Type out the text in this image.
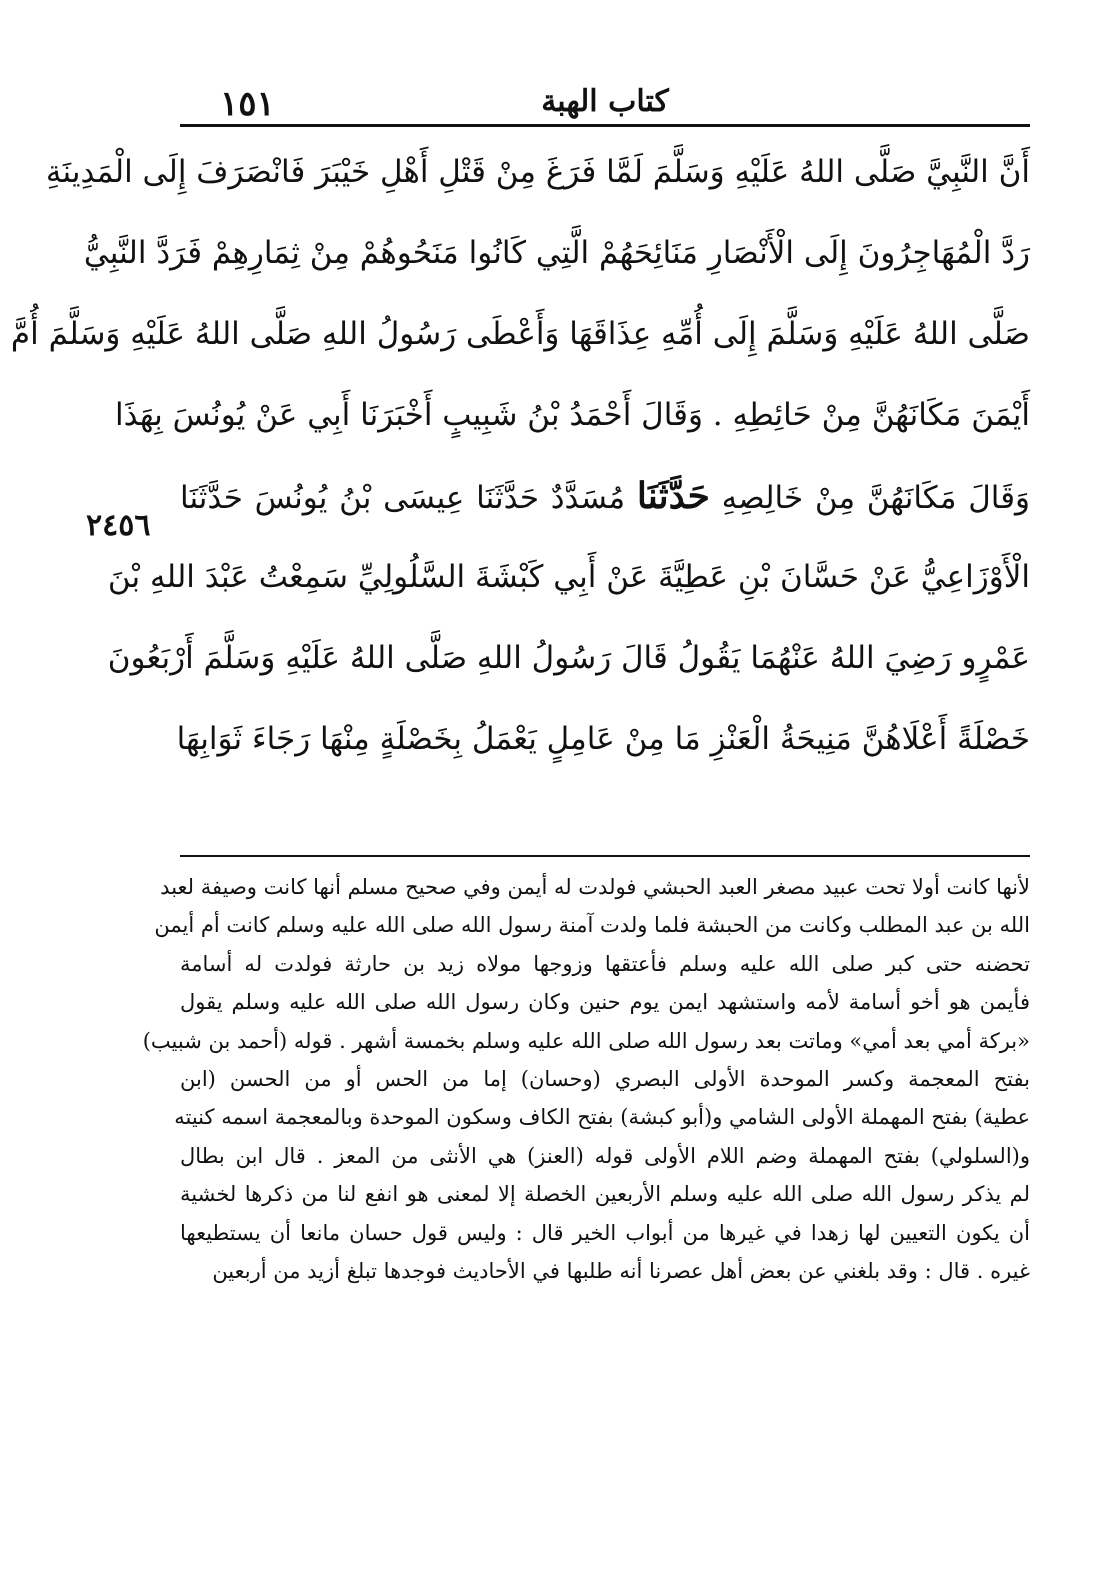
١٥١	كتاب الهبة
أَنَّ النَّبِيَّ صَلَّى اللهُ عَلَيْهِ وَسَلَّمَ لَمَّا فَرَغَ مِنْ قَتْلِ أَهْلِ خَيْبَرَ فَانْصَرَفَ إِلَى الْمَدِينَةِ
رَدَّ الْمُهَاجِرُونَ إِلَى الْأَنْصَارِ مَنَائِحَهُمْ الَّتِي كَانُوا مَنَحُوهُمْ مِنْ ثِمَارِهِمْ فَرَدَّ النَّبِيُّ
صَلَّى اللهُ عَلَيْهِ وَسَلَّمَ إِلَى أُمِّهِ عِذَاقَهَا وَأَعْطَى رَسُولُ اللهِ صَلَّى اللهُ عَلَيْهِ وَسَلَّمَ أُمَّ
أَيْمَنَ مَكَانَهُنَّ مِنْ حَائِطِهِ . وَقَالَ أَحْمَدُ بْنُ شَبِيبٍ أَخْبَرَنَا أَبِي عَنْ يُونُسَ بِهَذَا
وَقَالَ مَكَانَهُنَّ مِنْ خَالِصِهِ حَدَّثَنَا مُسَدَّدٌ حَدَّثَنَا عِيسَى بْنُ يُونُسَ حَدَّثَنَا
الْأَوْزَاعِيُّ عَنْ حَسَّانَ بْنِ عَطِيَّةَ عَنْ أَبِي كَبْشَةَ السَّلُولِيِّ سَمِعْتُ عَبْدَ اللهِ بْنَ
عَمْرٍو رَضِيَ اللهُ عَنْهُمَا يَقُولُ قَالَ رَسُولُ اللهِ صَلَّى اللهُ عَلَيْهِ وَسَلَّمَ أَرْبَعُونَ
خَصْلَةً أَعْلَاهُنَّ مَنِيحَةُ الْعَنْزِ مَا مِنْ عَامِلٍ يَعْمَلُ بِخَصْلَةٍ مِنْهَا رَجَاءَ ثَوَابِهَا
٢٤٥٦
لأنها كانت أولا تحت عبيد مصغر العبد الحبشي فولدت له أيمن وفي صحيح مسلم أنها كانت وصيفة لعبد
الله بن عبد المطلب وكانت من الحبشة فلما ولدت آمنة رسول الله صلى الله عليه وسلم كانت أم أيمن
تحضنه حتى كبر صلى الله عليه وسلم فأعتقها وزوجها مولاه زيد بن حارثة فولدت له أسامة
فأيمن هو أخو أسامة لأمه واستشهد ايمن يوم حنين وكان رسول الله صلى الله عليه وسلم يقول
«بركة أمي بعد أمي» وماتت بعد رسول الله صلى الله عليه وسلم بخمسة أشهر . قوله (أحمد بن شبيب)
بفتح المعجمة وكسر الموحدة الأولى البصري (وحسان) إما من الحس أو من الحسن (ابن
عطية) بفتح المهملة الأولى الشامي و(أبو كبشة) بفتح الكاف وسكون الموحدة وبالمعجمة اسمه كنيته
و(السلولي) بفتح المهملة وضم اللام الأولى قوله (العنز) هي الأنثى من المعز . قال ابن بطال
لم يذكر رسول الله صلى الله عليه وسلم الأربعين الخصلة إلا لمعنى هو انفع لنا من ذكرها لخشية
أن يكون التعيين لها زهدا في غيرها من أبواب الخير قال : وليس قول حسان مانعا أن يستطيعها
غيره . قال : وقد بلغني عن بعض أهل عصرنا أنه طلبها في الأحاديث فوجدها تبلغ أزيد من أربعين
